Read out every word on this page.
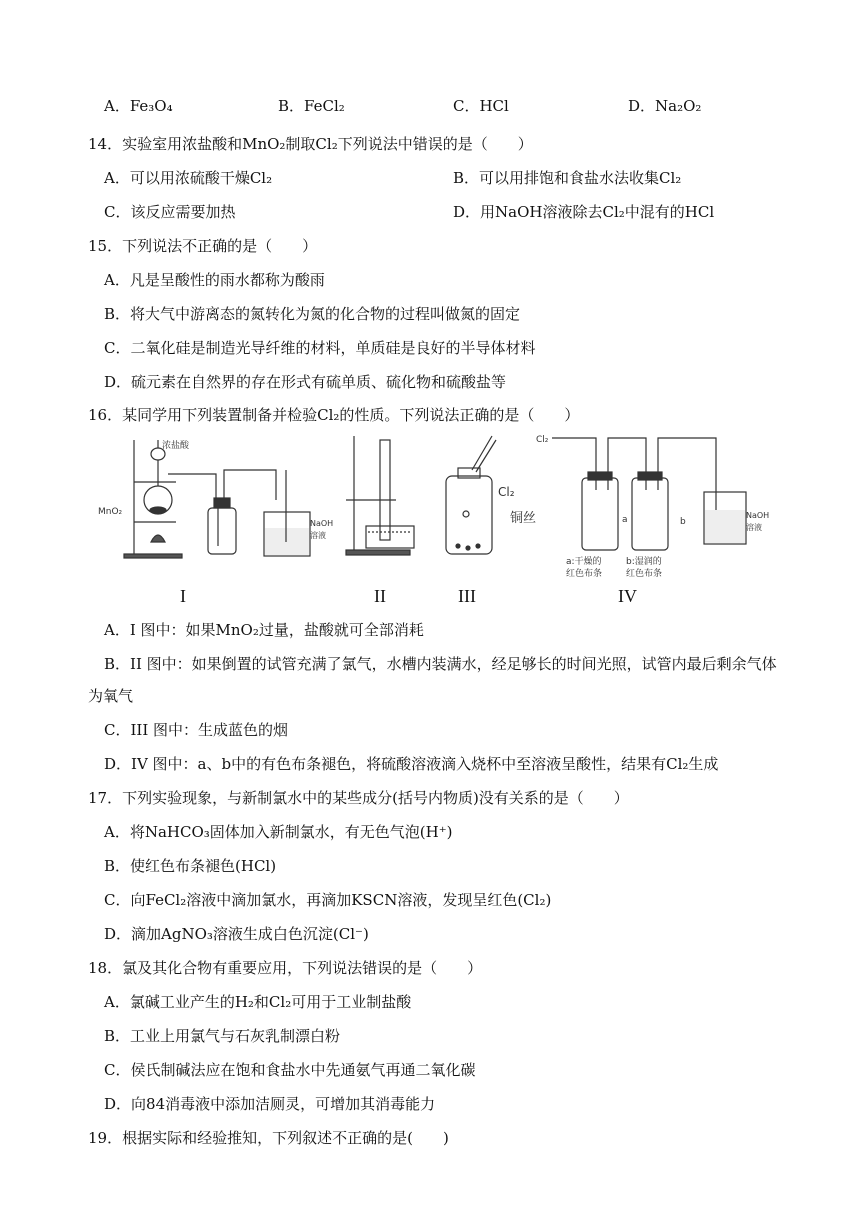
A．Fe₃O₄	B．FeCl₂	C．HCl	D．Na₂O₂
14．实验室用浓盐酸和MnO₂制取Cl₂下列说法中错误的是（　　）
A．可以用浓硫酸干燥Cl₂	B．可以用排饱和食盐水法收集Cl₂
C．该反应需要加热	D．用NaOH溶液除去Cl₂中混有的HCl
15．下列说法不正确的是（　　）
A．凡是呈酸性的雨水都称为酸雨
B．将大气中游离态的氮转化为氮的化合物的过程叫做氮的固定
C．二氧化硅是制造光导纤维的材料，单质硅是良好的半导体材料
D．硫元素在自然界的存在形式有硫单质、硫化物和硫酸盐等
16．某同学用下列装置制备并检验Cl₂的性质。下列说法正确的是（　　）
浓盐酸
MnO₂
NaOH
溶液
Cl₂
铜丝
Cl₂
a	b
a:干燥的
红色布条
b:湿润的
红色布条
NaOH
溶液
I	II	III	IV
A．I 图中：如果MnO₂过量，盐酸就可全部消耗
B．II 图中：如果倒置的试管充满了氯气，水槽内装满水，经足够长的时间光照，试管内最后剩余气体
为氧气
C．III 图中：生成蓝色的烟
D．IV 图中：a、b中的有色布条褪色，将硫酸溶液滴入烧杯中至溶液呈酸性，结果有Cl₂生成
17．下列实验现象，与新制氯水中的某些成分(括号内物质)没有关系的是（　　）
A．将NaHCO₃固体加入新制氯水，有无色气泡(H⁺)
B．使红色布条褪色(HCl)
C．向FeCl₂溶液中滴加氯水，再滴加KSCN溶液，发现呈红色(Cl₂)
D．滴加AgNO₃溶液生成白色沉淀(Cl⁻)
18．氯及其化合物有重要应用，下列说法错误的是（　　）
A．氯碱工业产生的H₂和Cl₂可用于工业制盐酸
B．工业上用氯气与石灰乳制漂白粉
C．侯氏制碱法应在饱和食盐水中先通氨气再通二氧化碳
D．向84消毒液中添加洁厕灵，可增加其消毒能力
19．根据实际和经验推知，下列叙述不正确的是(　　)
